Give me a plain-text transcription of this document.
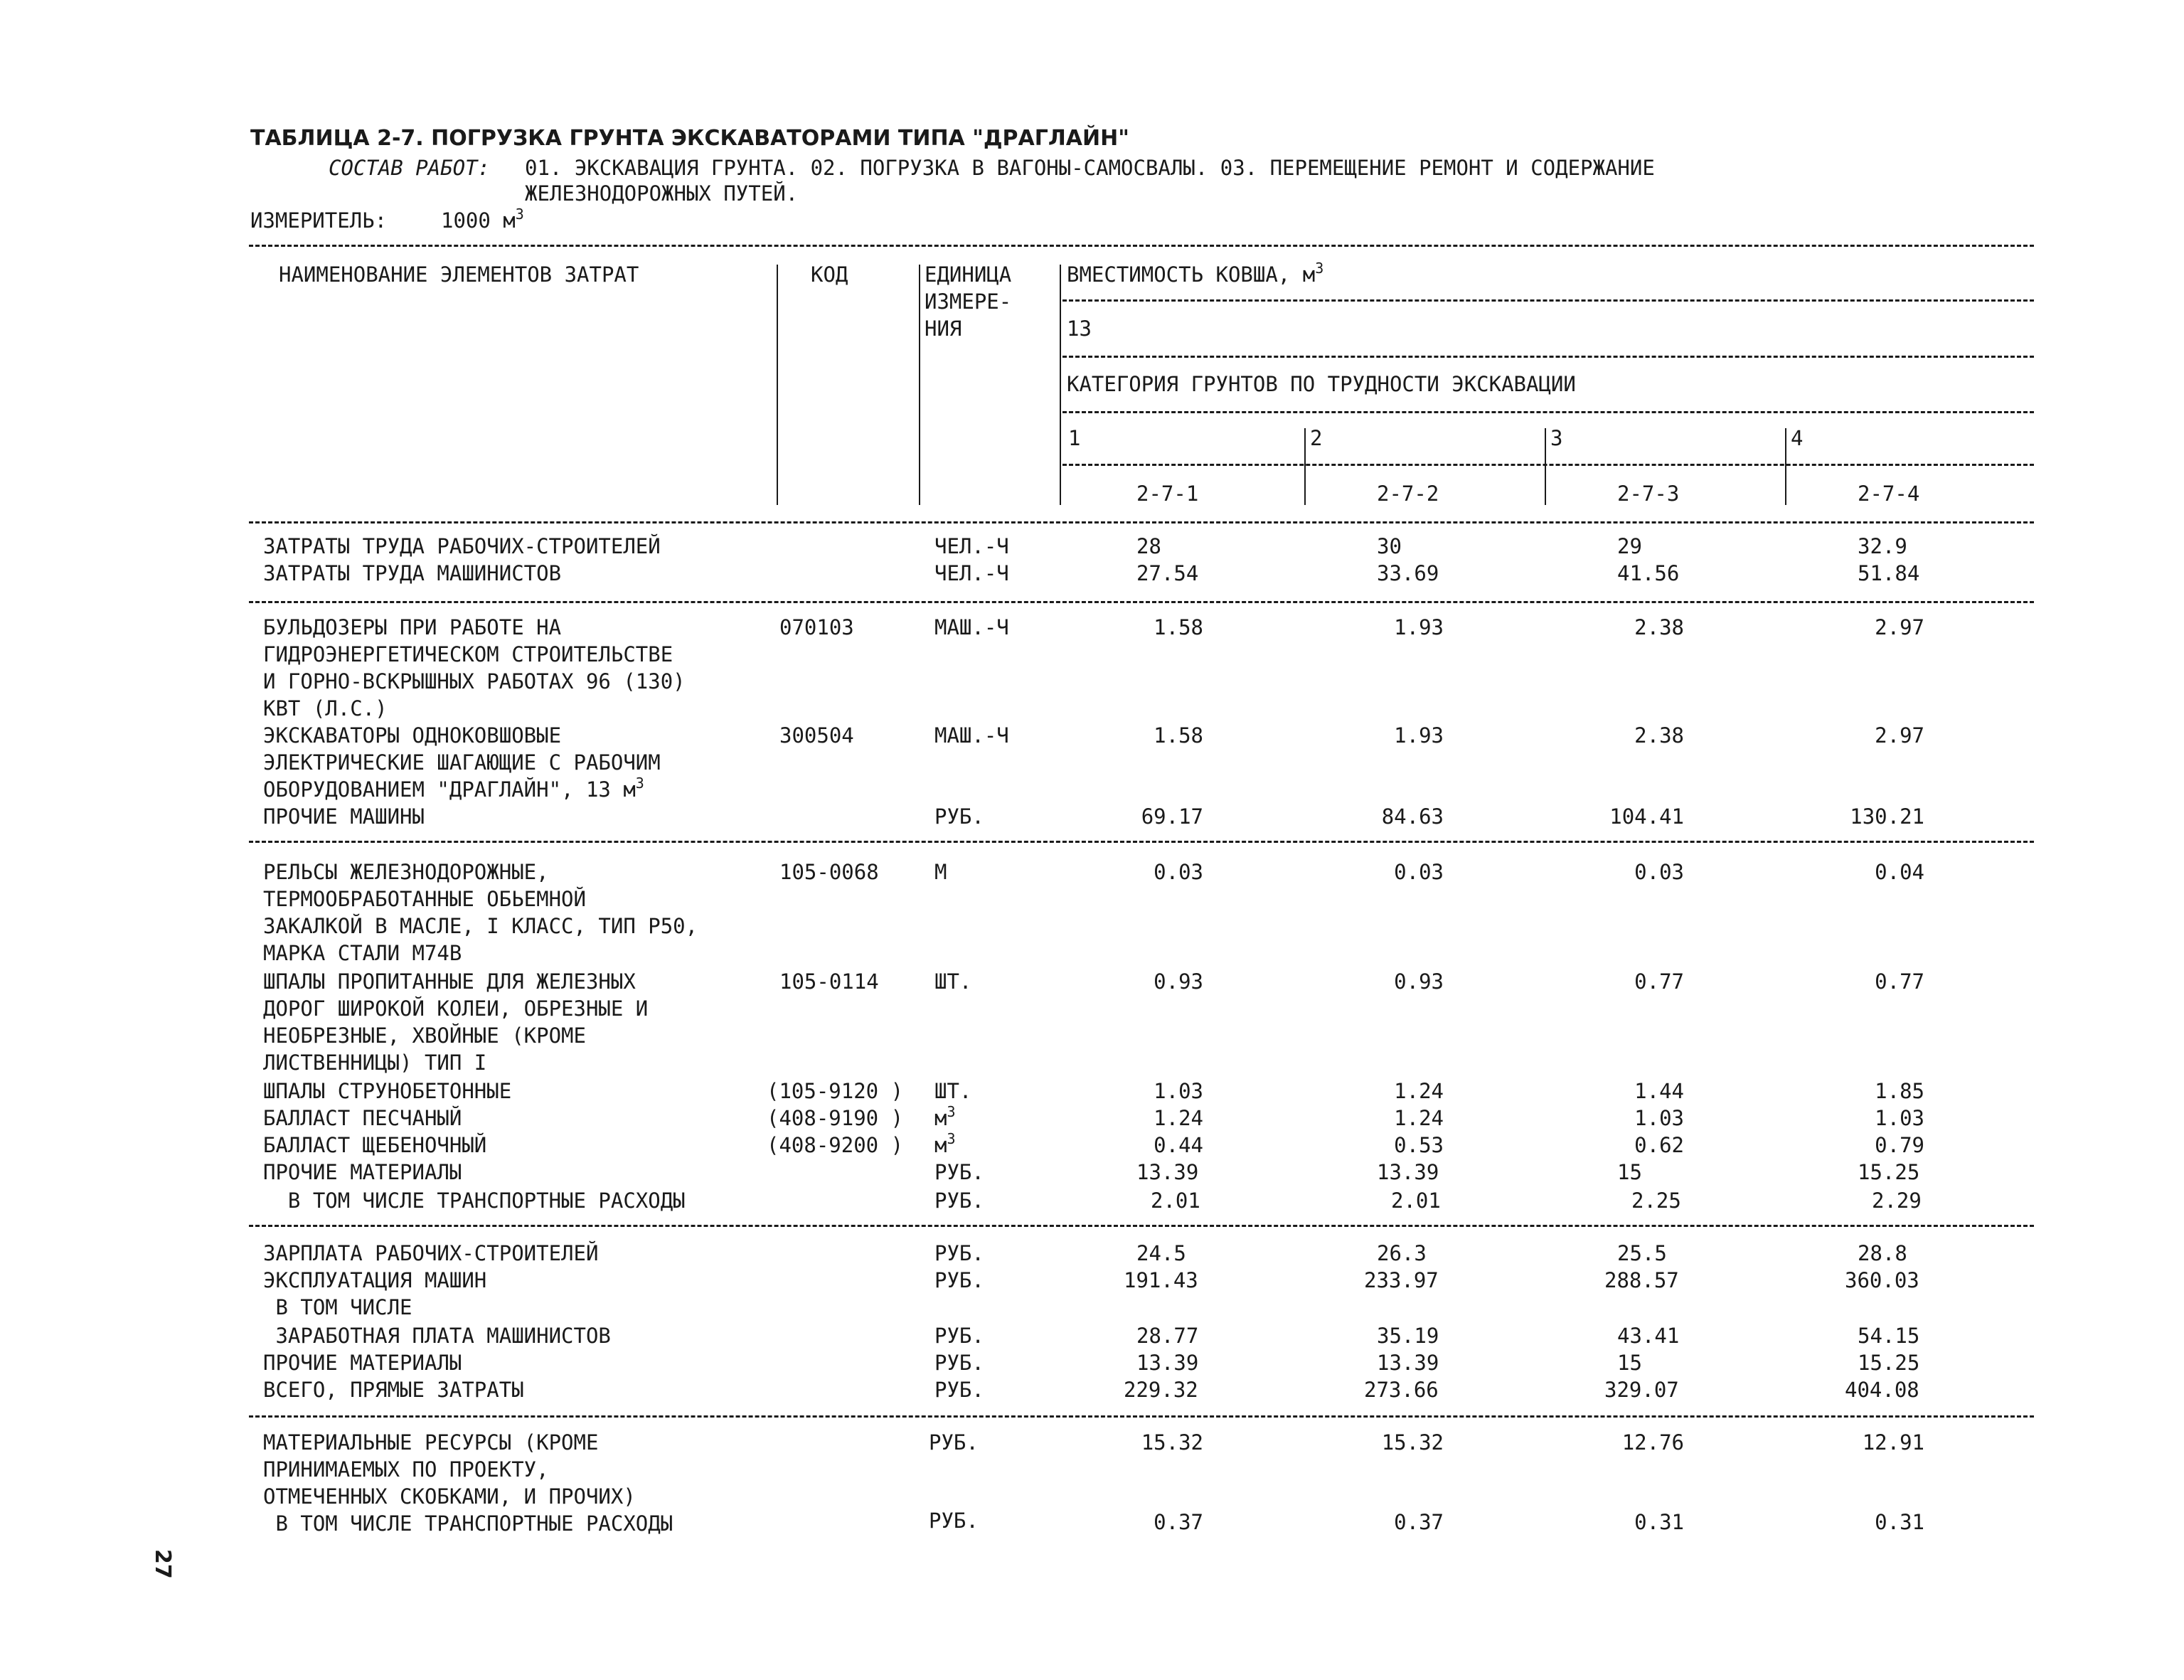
ТАБЛИЦА 2-7. ПОГРУЗКА ГРУНТА ЭКСКАВАТОРАМИ ТИПА "ДРАГЛАЙН"
СОСТАВ РАБОТ: 01. ЭКСКАВАЦИЯ ГРУНТА. 02. ПОГРУЗКА В ВАГОНЫ-САМОСВАЛЫ. 03. ПЕРЕМЕЩЕНИЕ РЕМОНТ И СОДЕРЖАНИЕ
ЖЕЛЕЗНОДОРОЖНЫХ ПУТЕЙ.
ИЗМЕРИТЕЛЬ:	1000 $м^3$
НАИМЕНОВАНИЕ ЭЛЕМЕНТОВ ЗАТРАТ	КОД	ЕДИНИЦА
ИЗМЕРЕ-
НИЯ
ВМЕСТИМОСТЬ КОВША, $м^3$
13
КАТЕГОРИЯ ГРУНТОВ ПО ТРУДНОСТИ ЭКСКАВАЦИИ
1	2	3	4
2-7-1	2-7-2	2-7-3	2-7-4
ЗАТРАТЫ ТРУДА РАБОЧИХ-СТРОИТЕЛЕЙ	ЧЕЛ.-Ч	28	30	29	32.9
ЗАТРАТЫ ТРУДА МАШИНИСТОВ	ЧЕЛ.-Ч	27.54	33.69	41.56	51.84
БУЛЬДОЗЕРЫ ПРИ РАБОТЕ НА
ГИДРОЭНЕРГЕТИЧЕСКОМ СТРОИТЕЛЬСТВЕ
И ГОРНО-ВСКРЫШНЫХ РАБОТАХ 96 (130)
КВТ (Л.С.)
070103	МАШ.-Ч	1.58	1.93	2.38	2.97
ЭКСКАВАТОРЫ ОДНОКОВШОВЫЕ
ЭЛЕКТРИЧЕСКИЕ ШАГАЮЩИЕ С РАБОЧИМ
ОБОРУДОВАНИЕМ "ДРАГЛАЙН", 13 $м^3$
300504	МАШ.-Ч	1.58	1.93	2.38	2.97
ПРОЧИЕ МАШИНЫ	РУБ.	69.17	84.63	104.41	130.21
РЕЛЬСЫ ЖЕЛЕЗНОДОРОЖНЫЕ,
ТЕРМООБРАБОТАННЫЕ ОБЬЕМНОЙ
ЗАКАЛКОЙ В МАСЛЕ, I КЛАСС, ТИП Р50,
МАРКА СТАЛИ М74В
105-0068	М	0.03	0.03	0.03	0.04
ШПАЛЫ ПРОПИТАННЫЕ ДЛЯ ЖЕЛЕЗНЫХ
ДОРОГ ШИРОКОЙ КОЛЕИ, ОБРЕЗНЫЕ И
НЕОБРЕЗНЫЕ, ХВОЙНЫЕ (КРОМЕ
ЛИСТВЕННИЦЫ) ТИП I
105-0114	ШТ.	0.93	0.93	0.77	0.77
ШПАЛЫ СТРУНОБЕТОННЫЕ	(105-9120 ) ШТ.	1.03	1.24	1.44	1.85
БАЛЛАСТ ПЕСЧАНЫЙ	(408-9190 ) $м^3$	1.24	1.24	1.03	1.03
БАЛЛАСТ ЩЕБЕНОЧНЫЙ	(408-9200 ) $м^3$	0.44	0.53	0.62	0.79
ПРОЧИЕ МАТЕРИАЛЫ	РУБ.	13.39	13.39	15	15.25
В ТОМ ЧИСЛЕ ТРАНСПОРТНЫЕ РАСХОДЫ	РУБ.	2.01	2.01	2.25	2.29
ЗАРПЛАТА РАБОЧИХ-СТРОИТЕЛЕЙ	РУБ.	24.5	26.3	25.5	28.8
ЭКСПЛУАТАЦИЯ МАШИН	РУБ.	191.43	233.97	288.57	360.03
В ТОМ ЧИСЛЕ
ЗАРАБОТНАЯ ПЛАТА МАШИНИСТОВ	РУБ.	28.77	35.19	43.41	54.15
ПРОЧИЕ МАТЕРИАЛЫ	РУБ.	13.39	13.39	15	15.25
ВСЕГО, ПРЯМЫЕ ЗАТРАТЫ	РУБ.	229.32	273.66	329.07	404.08
МАТЕРИАЛЬНЫЕ РЕСУРСЫ (КРОМЕ
ПРИНИМАЕМЫХ ПО ПРОЕКТУ,
ОТМЕЧЕННЫХ СКОБКАМИ, И ПРОЧИХ)
РУБ.	15.32	15.32	12.76	12.91
В ТОМ ЧИСЛЕ ТРАНСПОРТНЫЕ РАСХОДЫ	РУБ.	0.37	0.37	0.31	0.31
27
